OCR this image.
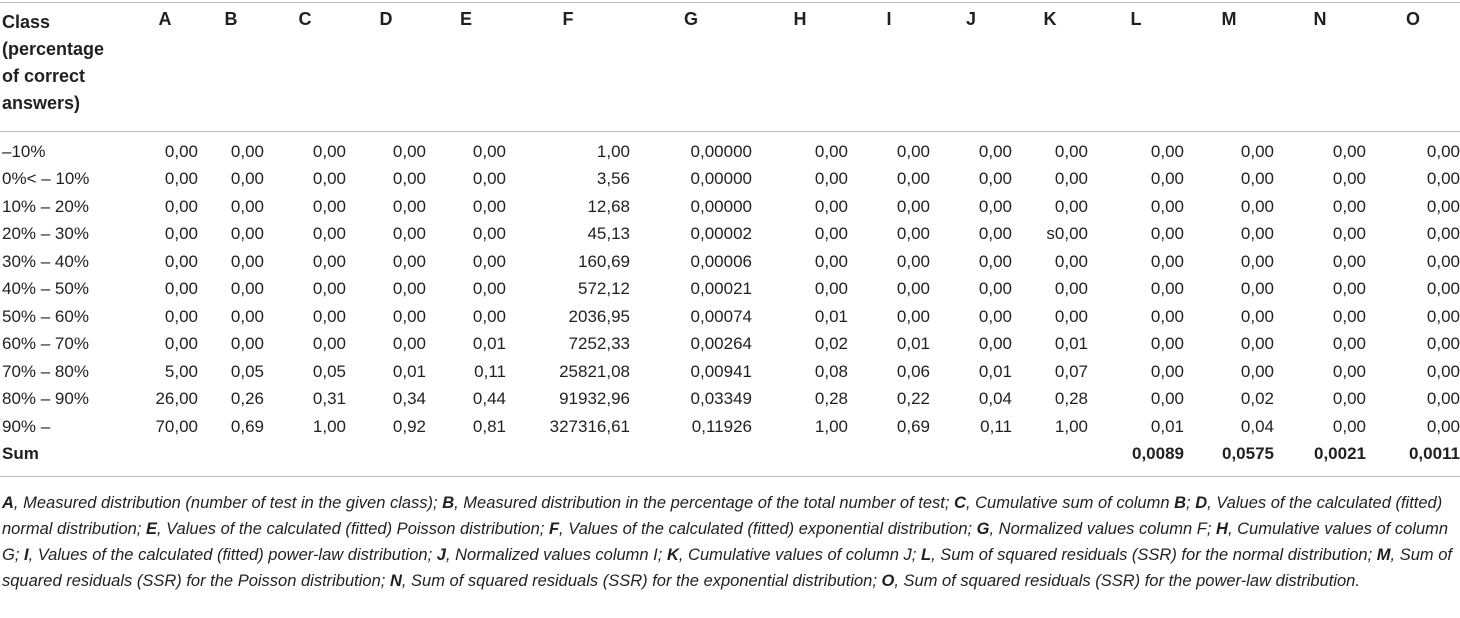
Class
(percentage
of correct
answers)	A	B	C	D	E	F	G	H	I	J	K	L	M	N	O

–10%	0,00	0,00	0,00	0,00	0,00	1,00	0,00000	0,00	0,00	0,00	0,00	0,00	0,00	0,00	0,00
0%< – 10%	0,00	0,00	0,00	0,00	0,00	3,56	0,00000	0,00	0,00	0,00	0,00	0,00	0,00	0,00	0,00
10% – 20%	0,00	0,00	0,00	0,00	0,00	12,68	0,00000	0,00	0,00	0,00	0,00	0,00	0,00	0,00	0,00
20% – 30%	0,00	0,00	0,00	0,00	0,00	45,13	0,00002	0,00	0,00	0,00	s0,00	0,00	0,00	0,00	0,00
30% – 40%	0,00	0,00	0,00	0,00	0,00	160,69	0,00006	0,00	0,00	0,00	0,00	0,00	0,00	0,00	0,00
40% – 50%	0,00	0,00	0,00	0,00	0,00	572,12	0,00021	0,00	0,00	0,00	0,00	0,00	0,00	0,00	0,00
50% – 60%	0,00	0,00	0,00	0,00	0,00	2036,95	0,00074	0,01	0,00	0,00	0,00	0,00	0,00	0,00	0,00
60% – 70%	0,00	0,00	0,00	0,00	0,01	7252,33	0,00264	0,02	0,01	0,00	0,01	0,00	0,00	0,00	0,00
70% – 80%	5,00	0,05	0,05	0,01	0,11	25821,08	0,00941	0,08	0,06	0,01	0,07	0,00	0,00	0,00	0,00
80% – 90%	26,00	0,26	0,31	0,34	0,44	91932,96	0,03349	0,28	0,22	0,04	0,28	0,00	0,02	0,00	0,00
90% –	70,00	0,69	1,00	0,92	0,81	327316,61	0,11926	1,00	0,69	0,11	1,00	0,01	0,04	0,00	0,00
Sum												0,0089	0,0575	0,0021	0,0011
A, Measured distribution (number of test in the given class); B, Measured distribution in the percentage of the total number of test; C, Cumulative sum of column B; D, Values of the calculated (fitted) normal distribution; E, Values of the calculated (fitted) Poisson distribution; F, Values of the calculated (fitted) exponential distribution; G, Normalized values column F; H, Cumulative values of column G; I, Values of the calculated (fitted) power-law distribution; J, Normalized values column I; K, Cumulative values of column J; L, Sum of squared residuals (SSR) for the normal distribution; M, Sum of squared residuals (SSR) for the Poisson distribution; N, Sum of squared residuals (SSR) for the exponential distribution; O, Sum of squared residuals (SSR) for the power-law distribution.
